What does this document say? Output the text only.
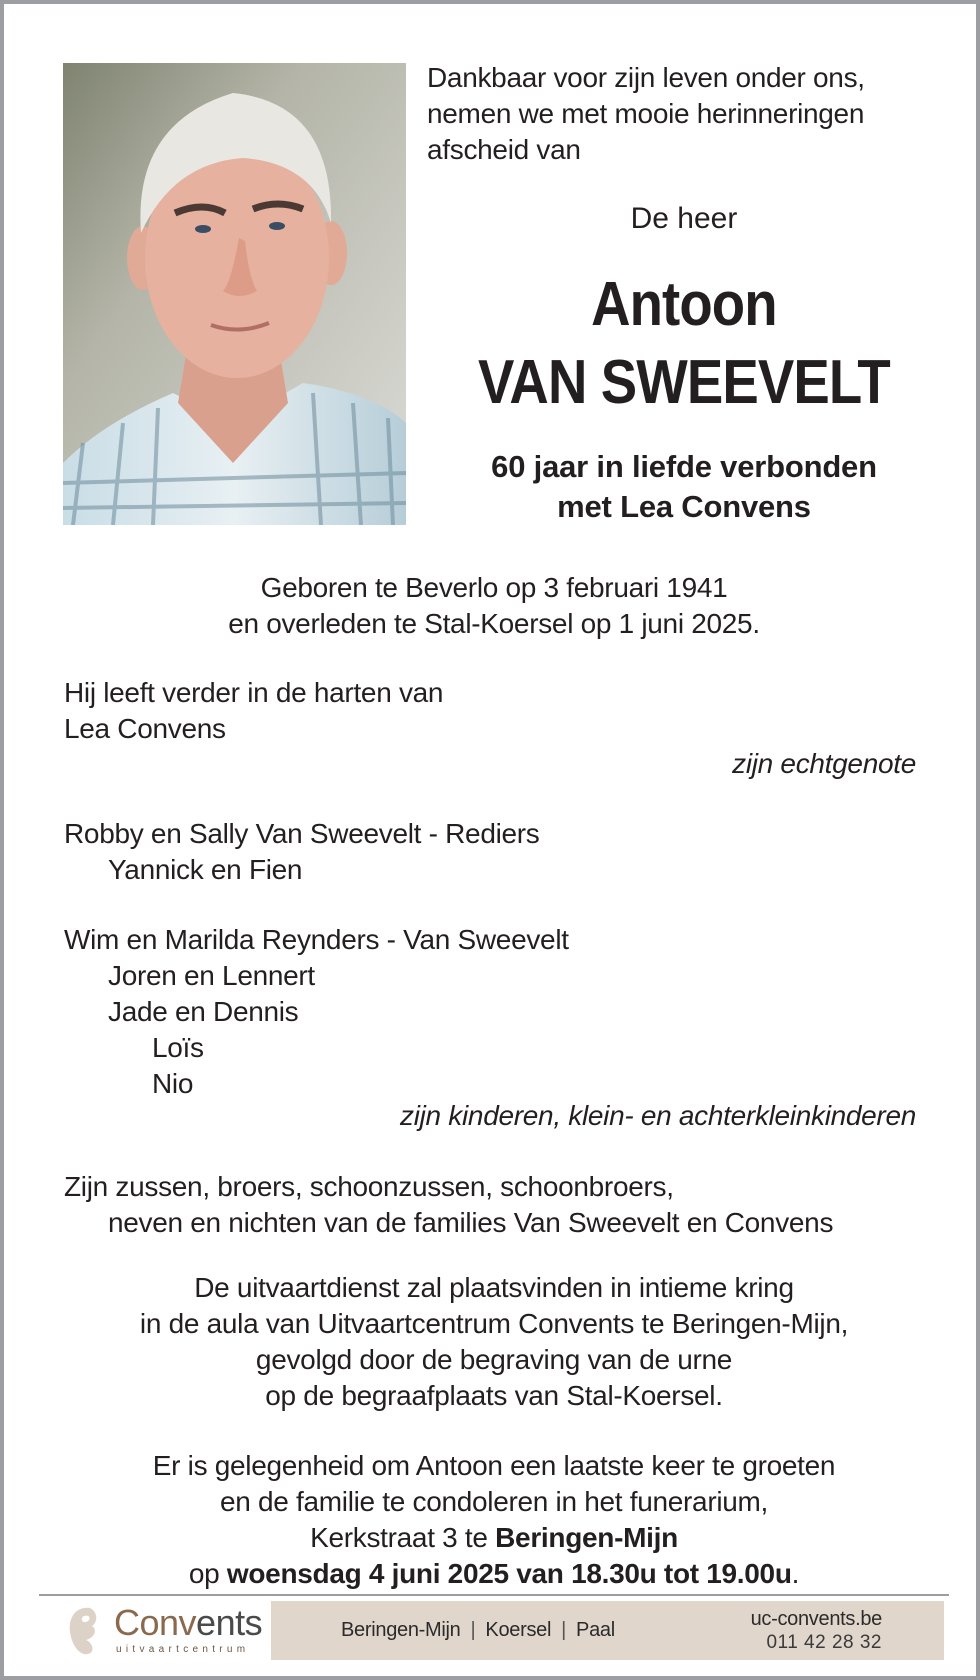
Dankbaar voor zijn leven onder ons,
nemen we met mooie herinneringen
afscheid van
De heer
Antoon
VAN SWEEVELT
60 jaar in liefde verbonden
met Lea Convens
Geboren te Beverlo op 3 februari 1941
en overleden te Stal-Koersel op 1 juni 2025.
Hij leeft verder in de harten van
Lea Convens
zijn echtgenote
Robby en Sally Van Sweevelt - Rediers
Yannick en Fien
Wim en Marilda Reynders - Van Sweevelt
Joren en Lennert
Jade en Dennis
Loïs
Nio
zijn kinderen, klein- en achterkleinkinderen
Zijn zussen, broers, schoonzussen, schoonbroers,
neven en nichten van de families Van Sweevelt en Convens
De uitvaartdienst zal plaatsvinden in intieme kring
in de aula van Uitvaartcentrum Convents te Beringen-Mijn,
gevolgd door de begraving van de urne
op de begraafplaats van Stal-Koersel.
Er is gelegenheid om Antoon een laatste keer te groeten
en de familie te condoleren in het funerarium,
Kerkstraat 3 te Beringen-Mijn
op woensdag 4 juni 2025 van 18.30u tot 19.00u.
Convents
uitvaartcentrum
Beringen-Mijn | Koersel | Paal	uc-convents.be
011 42 28 32
